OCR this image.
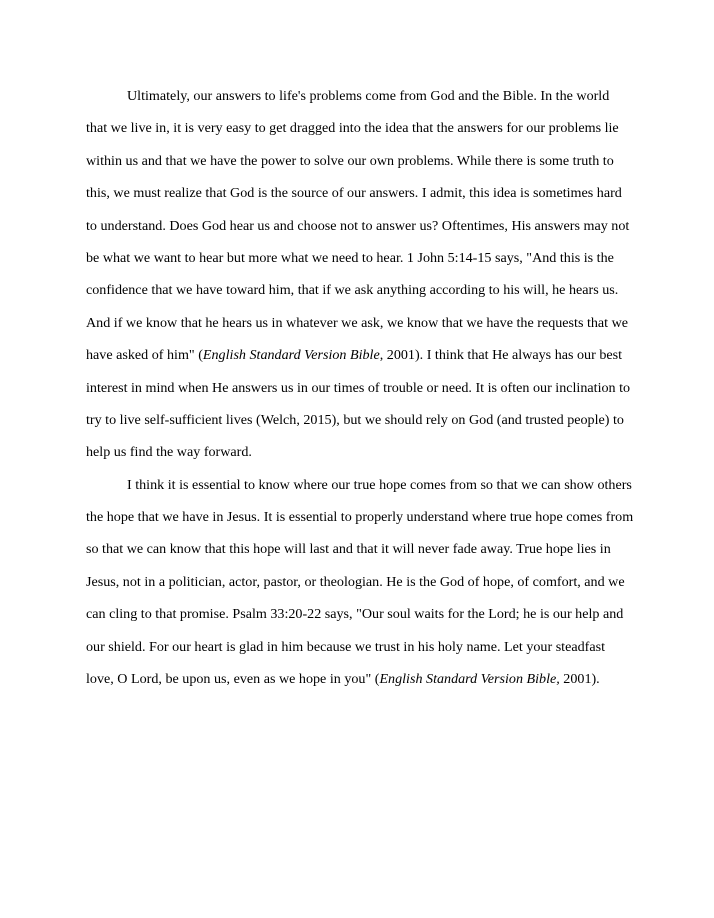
Ultimately, our answers to life's problems come from God and the Bible. In the world
that we live in, it is very easy to get dragged into the idea that the answers for our problems lie
within us and that we have the power to solve our own problems. While there is some truth to
this, we must realize that God is the source of our answers. I admit, this idea is sometimes hard
to understand. Does God hear us and choose not to answer us? Oftentimes, His answers may not
be what we want to hear but more what we need to hear. 1 John 5:14-15 says, "And this is the
confidence that we have toward him, that if we ask anything according to his will, he hears us.
And if we know that he hears us in whatever we ask, we know that we have the requests that we
have asked of him" (English Standard Version Bible, 2001). I think that He always has our best
interest in mind when He answers us in our times of trouble or need. It is often our inclination to
try to live self-sufficient lives (Welch, 2015), but we should rely on God (and trusted people) to
help us find the way forward.
I think it is essential to know where our true hope comes from so that we can show others
the hope that we have in Jesus. It is essential to properly understand where true hope comes from
so that we can know that this hope will last and that it will never fade away. True hope lies in
Jesus, not in a politician, actor, pastor, or theologian. He is the God of hope, of comfort, and we
can cling to that promise. Psalm 33:20-22 says, "Our soul waits for the Lord; he is our help and
our shield. For our heart is glad in him because we trust in his holy name. Let your steadfast
love, O Lord, be upon us, even as we hope in you" (English Standard Version Bible, 2001).
